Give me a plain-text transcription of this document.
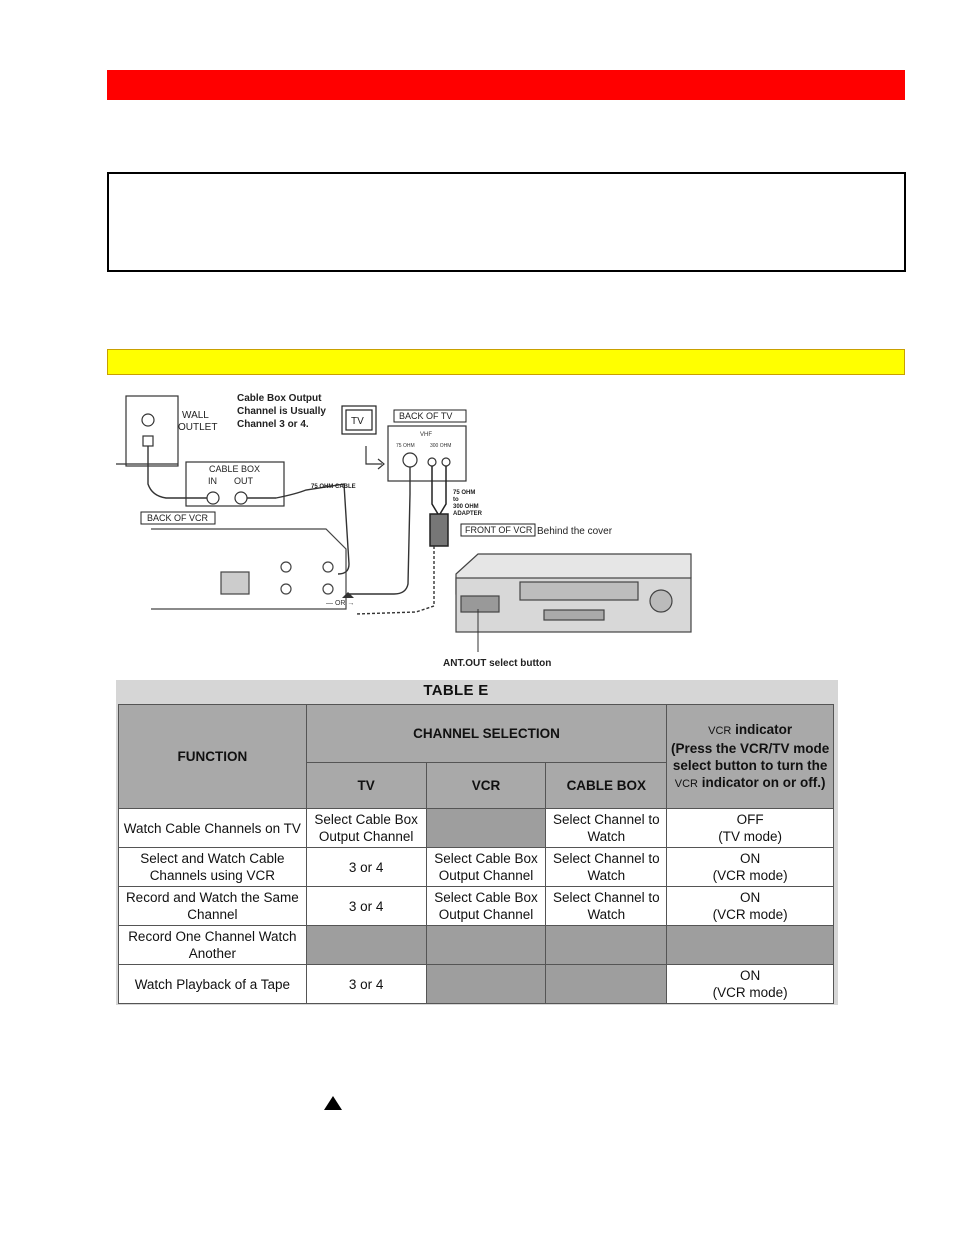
WALL OUTLET
Cable Box Output Channel is Usually Channel 3 or 4.	TV	BACK OF TV
VHF
75 OHM	300 OHM
75 OHM to 300 OHM ADAPTER
CABLE BOX
IN OUT
75 OHM CABLE
BACK OF VCR
— OR →
FRONT OF VCR Behind the cover
ANT.OUT select button
TABLE E
FUNCTION	CHANNEL SELECTION			VCR indicator
(Press the VCR/TV mode select button to turn the VCR indicator on or off.)
	TV	VCR	CABLE BOX	
Watch Cable Channels on TV	Select Cable Box Output Channel		Select Channel to Watch	OFF
(TV mode)
Select and Watch Cable Channels using VCR	3 or 4	Select Cable Box Output Channel	Select Channel to Watch	ON
(VCR mode)
Record and Watch the Same Channel	3 or 4	Select Cable Box Output Channel	Select Channel to Watch	ON
(VCR mode)
Record One Channel Watch Another				
Watch Playback of a Tape	3 or 4			ON
(VCR mode)
